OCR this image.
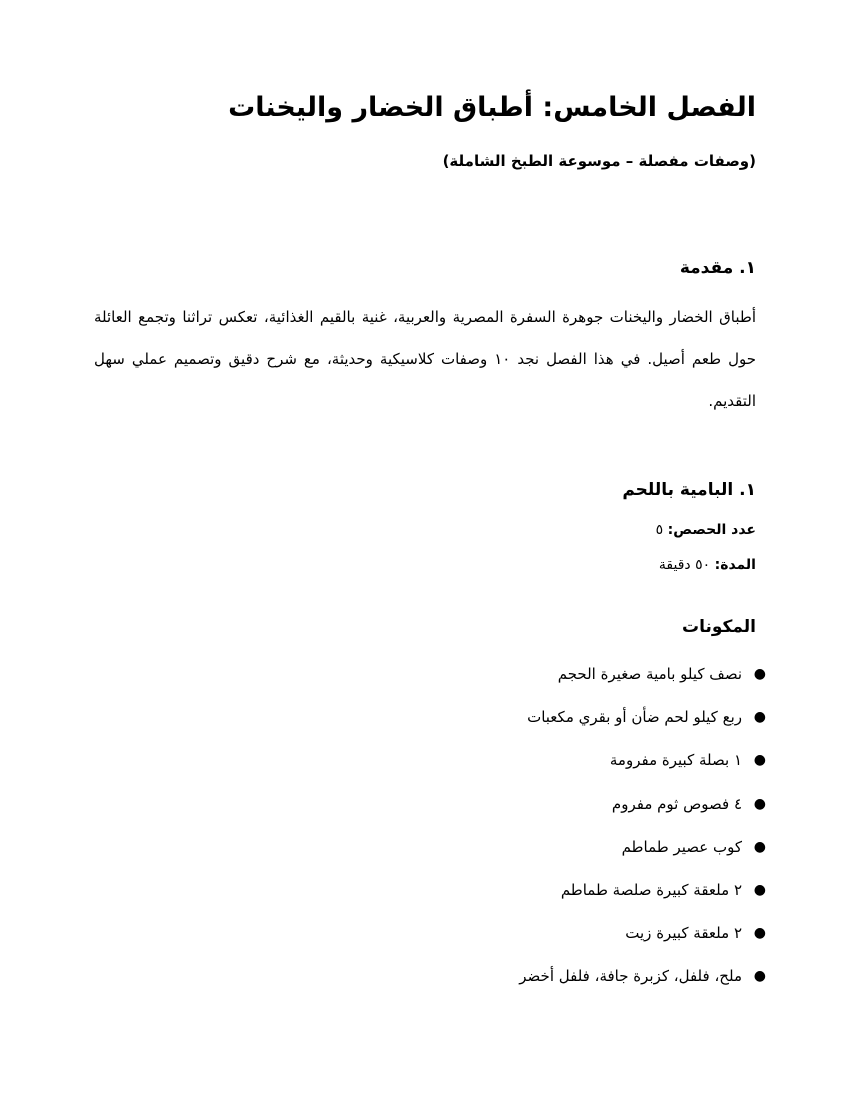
الفصل الخامس: أطباق الخضار واليخنات
(وصفات مفصلة – موسوعة الطبخ الشاملة)
١. مقدمة

أطباق الخضار واليخنات جوهرة السفرة المصرية والعربية، غنية بالقيم الغذائية، تعكس تراثنا وتجمع العائلة حول طعم أصيل. في هذا الفصل نجد ١٠ وصفات كلاسيكية وحديثة، مع شرح دقيق وتصميم عملي سهل التقديم.

١. البامية باللحم
عدد الحصص: ٥
المدة: ٥٠ دقيقة
المكونات
●
نصف كيلو بامية صغيرة الحجم
●
ربع كيلو لحم ضأن أو بقري مكعبات
●
١ بصلة كبيرة مفرومة
●
٤ فصوص ثوم مفروم
●
كوب عصير طماطم
●
٢ ملعقة كبيرة صلصة طماطم
●
٢ ملعقة كبيرة زيت
●
ملح، فلفل، كزبرة جافة، فلفل أخضر
